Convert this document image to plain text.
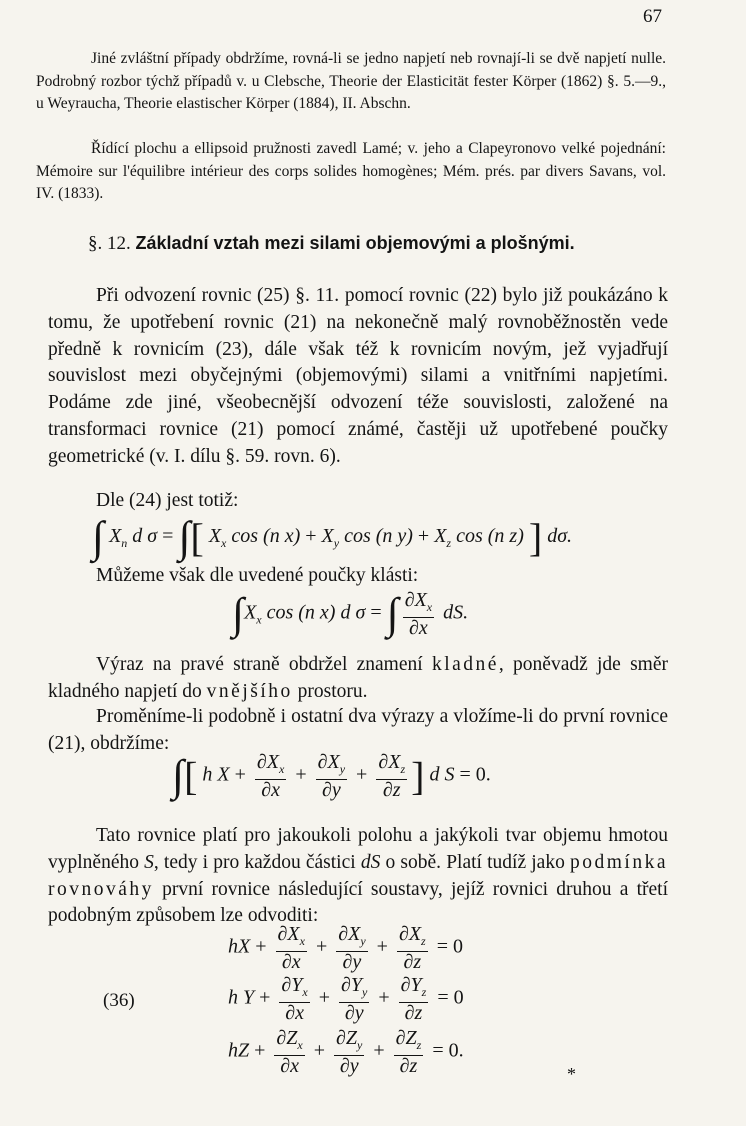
67

Jiné zvláštní případy obdržíme, rovná-li se jedno napjetí neb rovnají-li se dvě napjetí nulle. Podrobný rozbor týchž případů v. u Clebsche, Theorie der Elasticität fester Körper (1862) §. 5.—9., u Weyraucha, Theorie elastischer Körper (1884), II. Abschn.

Řídící plochu a ellipsoid pružnosti zavedl Lamé; v. jeho a Clapeyronovo velké pojednání: Mémoire sur l'équilibre intérieur des corps solides homogènes; Mém. prés. par divers Savans, vol. IV. (1833).

§. 12. Základní vztah mezi silami objemovými a plošnými.

Při odvození rovnic (25) §. 11. pomocí rovnic (22) bylo již poukázáno k tomu, že upotřebení rovnic (21) na nekonečně malý rovnoběžnostěn vede předně k rovnicím (23), dále však též k rovnicím novým, jež vyjadřují souvislost mezi obyčejnými (objemovými) silami a vnitřními napjetími. Podáme zde jiné, všeobecnější odvození téže souvislosti, založené na transformaci rovnice (21) pomocí známé, častěji už upotřebené poučky geometrické (v. I. dílu §. 59. rovn. 6).

Dle (24) jest totiž:

∫ $X_n$ d σ = ∫[ $X_x$ cos (n $x) + X_y$ cos (n $y) + X_z$ cos (n z) ] dσ.

Můžeme však dle uvedené poučky klásti:

$\int X_x$ cos (n x) d σ = ∫ $\frac{\partial X_x}{\partial x}$ dS.

Výraz na pravé straně obdržel znamení kladné, poněvadž jde směr kladného napjetí do vnějšího prostoru.

Proměníme-li podobně i ostatní dva výrazy a vložíme-li do první rovnice (21), obdržíme:

∫[ h $X + \frac{\partial X_x}{\partial x} + \frac{\partial X_y}{\partial y} + \frac{\partial X_z}{\partial z}$ ] d S = 0.

Tato rovnice platí pro jakoukoli polohu a jakýkoli tvar objemu hmotou vyplněného S, tedy i pro každou částici dS o sobě. Platí tudíž jako podmínka rovnováhy první rovnice následující soustavy, jejíž rovnici druhou a třetí podobným způsobem lze odvoditi:

(36)
hX + $\frac{\partial X_x}{\partial x} + \frac{\partial X_y}{\partial y} + \frac{\partial X_z}{\partial z} = 0$
h $Y + \frac{\partial Y_x}{\partial x} + \frac{\partial Y_y}{\partial y} + \frac{\partial Y_z}{\partial z} = 0$
hZ + $\frac{\partial Z_x}{\partial x} + \frac{\partial Z_y}{\partial y} + \frac{\partial Z_z}{\partial z} = 0$.
*
